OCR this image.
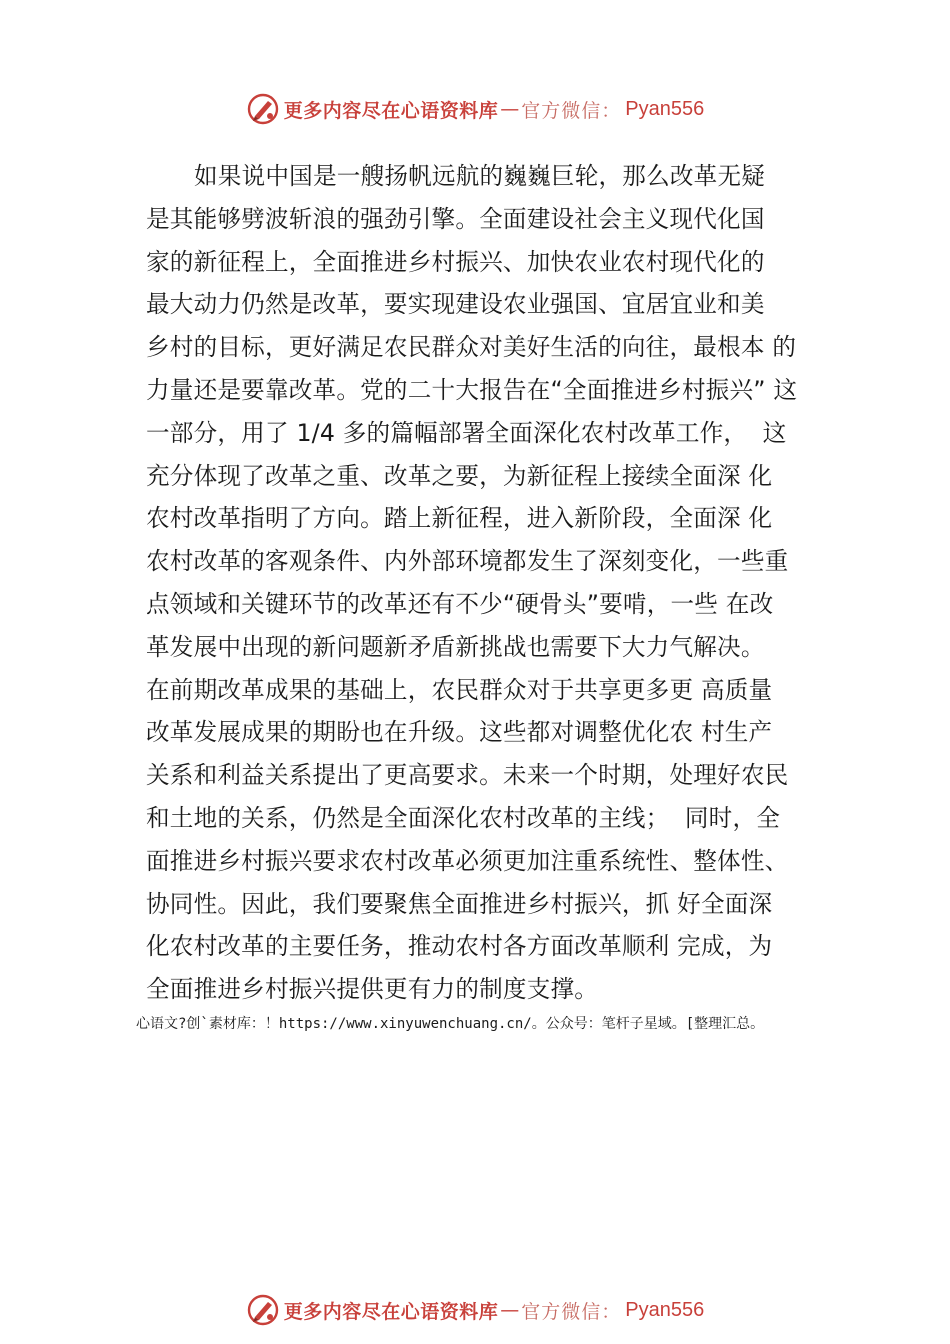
更多内容尽在心语资料库 — 官方微信： Pyan556
如果说中国是一艘扬帆远航的巍巍巨轮，那么改革无疑
是其能够劈波斩浪的强劲引擎。全面建设社会主义现代化国
家的新征程上，全面推进乡村振兴、加快农业农村现代化的
最大动力仍然是改革，要实现建设农业强国、宜居宜业和美
乡村的目标，更好满足农民群众对美好生活的向往，最根本 的
力量还是要靠改革。党的二十大报告在“全面推进乡村振兴” 这
一部分，用了 1/4 多的篇幅部署全面深化农村改革工作，  这
充分体现了改革之重、改革之要，为新征程上接续全面深 化
农村改革指明了方向。踏上新征程，进入新阶段，全面深 化
农村改革的客观条件、内外部环境都发生了深刻变化，一些重
点领域和关键环节的改革还有不少“硬骨头”要啃，一些 在改
革发展中出现的新问题新矛盾新挑战也需要下大力气解决。
在前期改革成果的基础上，农民群众对于共享更多更 高质量
改革发展成果的期盼也在升级。这些都对调整优化农 村生产
关系和利益关系提出了更高要求。未来一个时期，处理好农民
和土地的关系，仍然是全面深化农村改革的主线；  同时，全
面推进乡村振兴要求农村改革必须更加注重系统性、整体性、
协同性。因此，我们要聚焦全面推进乡村振兴，抓 好全面深
化农村改革的主要任务，推动农村各方面改革顺利 完成，为
全面推进乡村振兴提供更有力的制度支撑。
心语文?创`素材库：！https://www.xinyuwenchuang.cn/。公众号：笔杆子星域。[整理汇总。
更多内容尽在心语资料库 — 官方微信： Pyan556
